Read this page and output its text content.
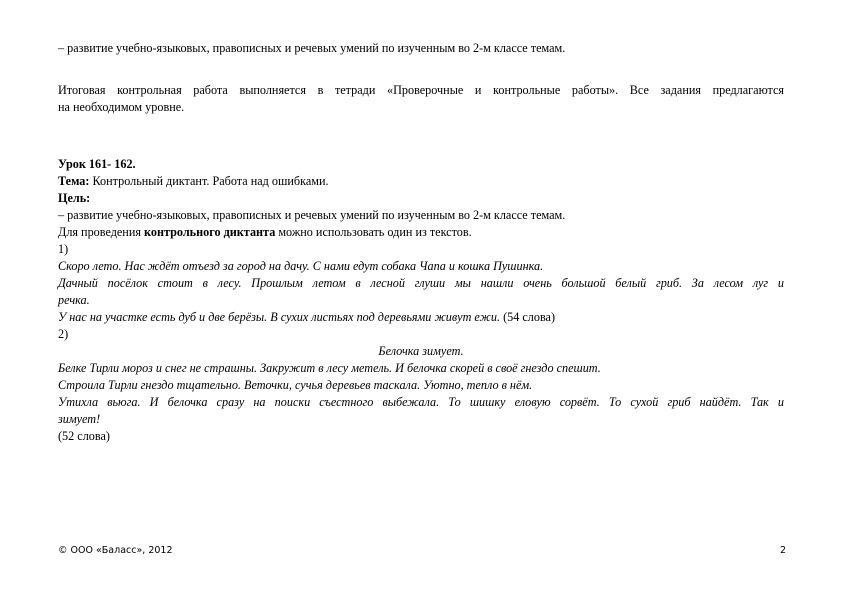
– развитие учебно-языковых, правописных и речевых умений по изученным во 2-м классе темам.
Итоговая контрольная работа выполняется в тетради «Проверочные и контрольные работы». Все задания предлагаются
на необходимом уровне.
Урок 161- 162.
Тема: Контрольный диктант. Работа над ошибками.
Цель:
– развитие учебно-языковых, правописных и речевых умений по изученным во 2-м классе темам.
Для проведения контрольного диктанта можно использовать один из текстов.
1)
Скоро лето. Нас ждёт отъезд за город на дачу. С нами едут собака Чапа и кошка Пушинка.
Дачный посёлок стоит в лесу. Прошлым летом в лесной глуши мы нашли очень большой белый гриб. За лесом луг и
речка.
У нас на участке есть дуб и две берёзы. В сухих листьях под деревьями живут ежи. (54 слова)
2)
Белочка зимует.
Белке Тирли мороз и снег не страшны. Закружит в лесу метель. И белочка скорей в своё гнездо спешит.
Строила Тирли гнездо тщательно. Веточки, сучья деревьев таскала. Уютно, тепло в нём.
Утихла вьюга. И белочка сразу на поиски съестного выбежала. То шишку еловую сорвёт. То сухой гриб найдёт. Так и
зимует!
(52 слова)
© ООО «Баласс», 2012	2
